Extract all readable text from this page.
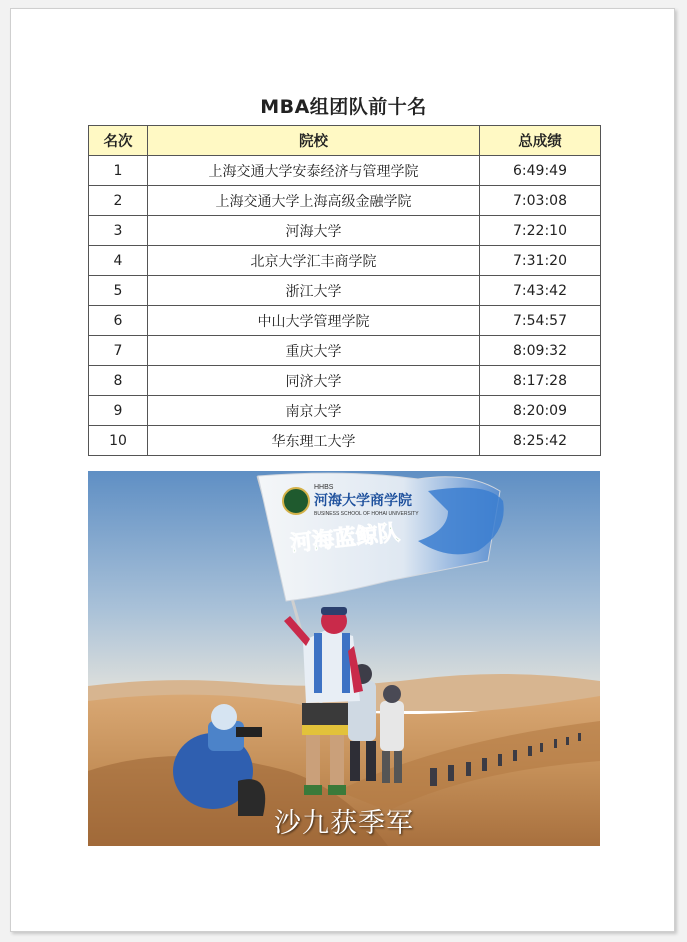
MBA组团队前十名
名次	院校	总成绩
1	上海交通大学安泰经济与管理学院	6:49:49
2	上海交通大学上海高级金融学院	7:03:08
3	河海大学	7:22:10
4	北京大学汇丰商学院	7:31:20
5	浙江大学	7:43:42
6	中山大学管理学院	7:54:57
7	重庆大学	8:09:32
8	同济大学	8:17:28
9	南京大学	8:20:09
10	华东理工大学	8:25:42
HHBS
河海大学商学院
BUSINESS SCHOOL OF HOHAI UNIVERSITY
河海蓝鲸队
沙九获季军
